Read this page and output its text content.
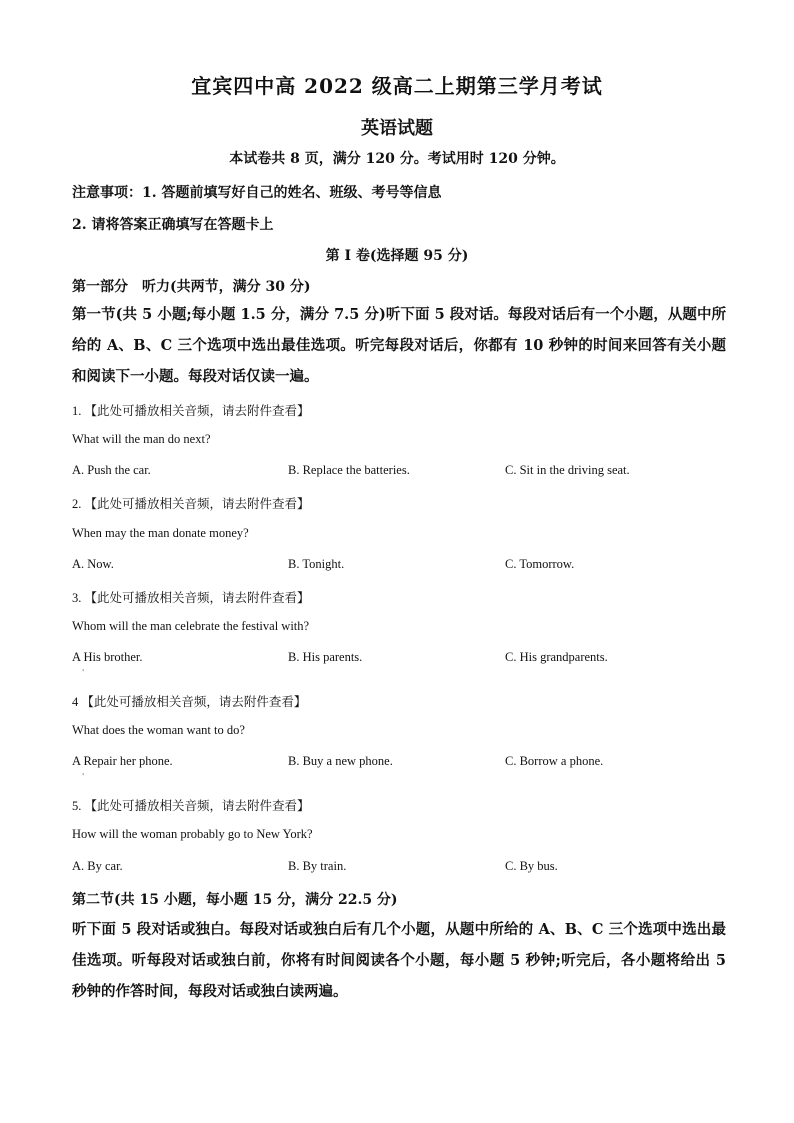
宜宾四中高 2022 级高二上期第三学月考试
英语试题
本试卷共 8 页，满分 120 分。考试用时 120 分钟。
注意事项：1. 答题前填写好自己的姓名、班级、考号等信息
2. 请将答案正确填写在答题卡上
第 I 卷(选择题 95 分)
第一部分　听力(共两节，满分 30 分)
第一节(共 5 小题;每小题 1.5 分，满分 7.5 分)听下面 5 段对话。每段对话后有一个小题，从题中所给的 A、B、C 三个选项中选出最佳选项。听完每段对话后，你都有 10 秒钟的时间来回答有关小题和阅读下一小题。每段对话仅读一遍。
1. 【此处可播放相关音频，请去附件查看】
What will the man do next?
A. Push the car.	B. Replace the batteries.	C. Sit in the driving seat.
2. 【此处可播放相关音频，请去附件查看】
When may the man donate money?
A. Now.	B. Tonight.	C. Tomorrow.
3. 【此处可播放相关音频，请去附件查看】
Whom will the man celebrate the festival with?
A His brother.	B. His parents.	C. His grandparents.
'
4 【此处可播放相关音频，请去附件查看】
What does the woman want to do?
A Repair her phone.	B. Buy a new phone.	C. Borrow a phone.
'
5. 【此处可播放相关音频，请去附件查看】
How will the woman probably go to New York?
A. By car.	B. By train.	C. By bus.
第二节(共 15 小题，每小题 15 分，满分 22.5 分)
听下面 5 段对话或独白。每段对话或独白后有几个小题，从题中所给的 A、B、C 三个选项中选出最佳选项。听每段对话或独白前，你将有时间阅读各个小题，每小题 5 秒钟;听完后，各小题将给出 5 秒钟的作答时间，每段对话或独白读两遍。
